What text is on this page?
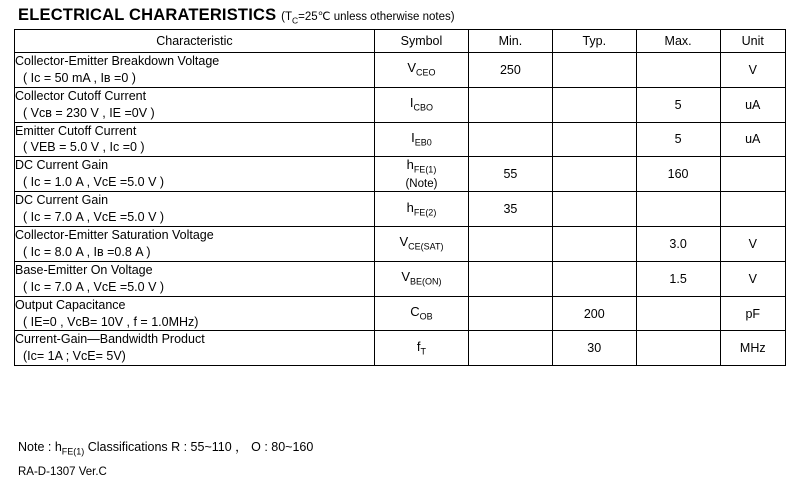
ELECTRICAL CHARATERISTICS ($T_C=25℃$ unless otherwise notes)
Characteristic	Symbol	Min.	Typ.	Max.	Unit

Collector-Emitter Breakdown Voltage
( Iс = 50 mA , Iв =0 )	$V_{CEO}$	250			V

Collector Cutoff Current
( Vсв = 230 V , IЕ =0V )	$I_{CBO}$			5	uA

Emitter Cutoff Current
( VЕВ = 5.0 V , Iс =0 )	$I_{EB0}$			5	uA

DC Current Gain
( Iс = 1.0 A , VсЕ =5.0 V )	$h_{FE(1)}$
(Note)	55		160	

DC Current Gain
( Iс = 7.0 A , VсЕ =5.0 V )	$h_{FE(2)}$	35			

Collector-Emitter Saturation Voltage
( Iс = 8.0 A , Iв =0.8 A )	$V_{CE(SAT)}$			3.0	V

Base-Emitter On Voltage
( Iс = 7.0 A , VсЕ =5.0 V )	$V_{BE(ON)}$			1.5	V

Output Capacitance
( IЕ=0 , VсВ= 10V , f = 1.0MHz)	$C_{OB}$		200		pF

Current-Gain—Bandwidth Product
(Iс= 1A ; VсЕ= 5V)	$f_T$		30		MHz
Note : $h_{FE(1)}$ Classifications R : 55~110 ， O : 80~160
RA-D-1307 Ver.C
